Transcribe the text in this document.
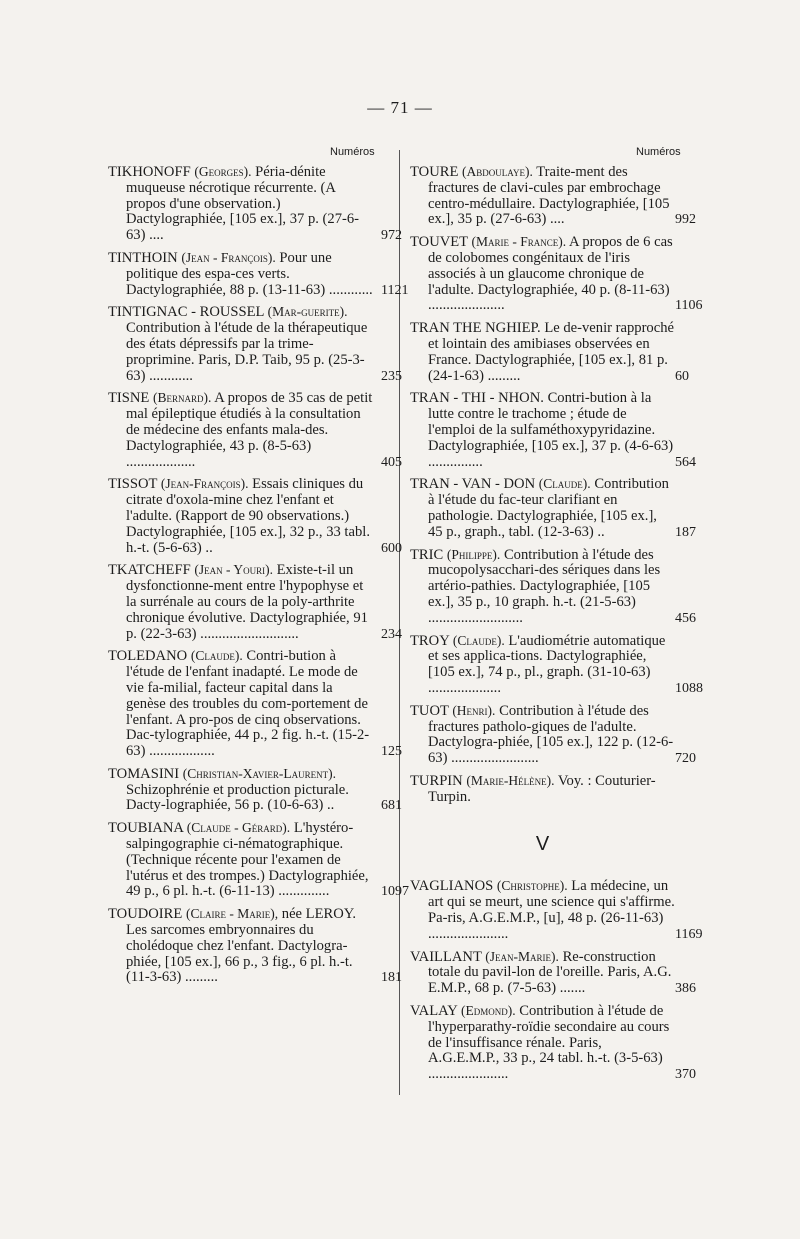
— 71 —
Numéros	Numéros
TIKHONOFF (Georges). Péria-dénite muqueuse nécrotique récurrente. (A propos d'une observation.) Dactylographiée, [105 ex.], 37 p. (27-6-63) ....	972
TINTHOIN (Jean - François). Pour une politique des espa-ces verts. Dactylographiée, 88 p. (13-11-63) ............ 1121
TINTIGNAC - ROUSSEL (Mar-guerite). Contribution à l'étude de la thérapeutique des états dépressifs par la trime-proprimine. Paris, D.P. Taib, 95 p. (25-3-63) ............	235
TISNE (Bernard). A propos de 35 cas de petit mal épileptique étudiés à la consultation de médecine des enfants mala-des. Dactylographiée, 43 p. (8-5-63) ...................	405
TISSOT (Jean-François). Essais cliniques du citrate d'oxola-mine chez l'enfant et l'adulte. (Rapport de 90 observations.) Dactylographiée, [105 ex.], 32 p., 33 tabl. h.-t. (5-6-63) ..	600
TKATCHEFF (Jean - Youri). Existe-t-il un dysfonctionne-ment entre l'hypophyse et la surrénale au cours de la poly-arthrite chronique évolutive. Dactylographiée, 91 p. (22-3-63) ...........................	234
TOLEDANO (Claude). Contri-bution à l'étude de l'enfant inadapté. Le mode de vie fa-milial, facteur capital dans la genèse des troubles du com-portement de l'enfant. A pro-pos de cinq observations. Dac-tylographiée, 44 p., 2 fig. h.-t. (15-2-63) ..................	125
TOMASINI (Christian-Xavier-Laurent). Schizophrénie et production picturale. Dacty-lographiée, 56 p. (10-6-63) ..	681
TOUBIANA (Claude - Gérard). L'hystéro-salpingographie ci-nématographique. (Technique récente pour l'examen de l'utérus et des trompes.) Dactylographiée, 49 p., 6 pl. h.-t. (6-11-13) ..............	1097
TOUDOIRE (Claire - Marie), née LEROY. Les sarcomes embryonnaires du cholédoque chez l'enfant. Dactylogra-phiée, [105 ex.], 66 p., 3 fig., 6 pl. h.-t. (11-3-63) .........	181
TOURE (Abdoulaye). Traite-ment des fractures de clavi-cules par embrochage centro-médullaire. Dactylographiée, [105 ex.], 35 p. (27-6-63) ....	992
TOUVET (Marie - France). A propos de 6 cas de colobomes congénitaux de l'iris associés à un glaucome chronique de l'adulte. Dactylographiée, 40 p. (8-11-63) .....................	1106
TRAN THE NGHIEP. Le de-venir rapproché et lointain des amibiases observées en France. Dactylographiée, [105 ex.], 81 p. (24-1-63) .........	60
TRAN - THI - NHON. Contri-bution à la lutte contre le trachome ; étude de l'emploi de la sulfaméthoxypyridazine. Dactylographiée, [105 ex.], 37 p. (4-6-63) ...............	564
TRAN - VAN - DON (Claude). Contribution à l'étude du fac-teur clarifiant en pathologie. Dactylographiée, [105 ex.], 45 p., graph., tabl. (12-3-63) ..	187
TRIC (Philippe). Contribution à l'étude des mucopolysacchari-des sériques dans les artério-pathies. Dactylographiée, [105 ex.], 35 p., 10 graph. h.-t. (21-5-63) ..........................	456
TROY (Claude). L'audiométrie automatique et ses applica-tions. Dactylographiée, [105 ex.], 74 p., pl., graph. (31-10-63) ....................	1088
TUOT (Henri). Contribution à l'étude des fractures patholo-giques de l'adulte. Dactylogra-phiée, [105 ex.], 122 p. (12-6-63) ........................	720
TURPIN (Marie-Hélène). Voy. : Couturier-Turpin.
V
VAGLIANOS (Christophe). La médecine, un art qui se meurt, une science qui s'affirme. Pa-ris, A.G.E.M.P., [u], 48 p. (26-11-63) ......................	1169
VAILLANT (Jean-Marie). Re-construction totale du pavil-lon de l'oreille. Paris, A.G. E.M.P., 68 p. (7-5-63) .......	386
VALAY (Edmond). Contribution à l'étude de l'hyperparathy-roïdie secondaire au cours de l'insuffisance rénale. Paris, A.G.E.M.P., 33 p., 24 tabl. h.-t. (3-5-63) ......................	370
